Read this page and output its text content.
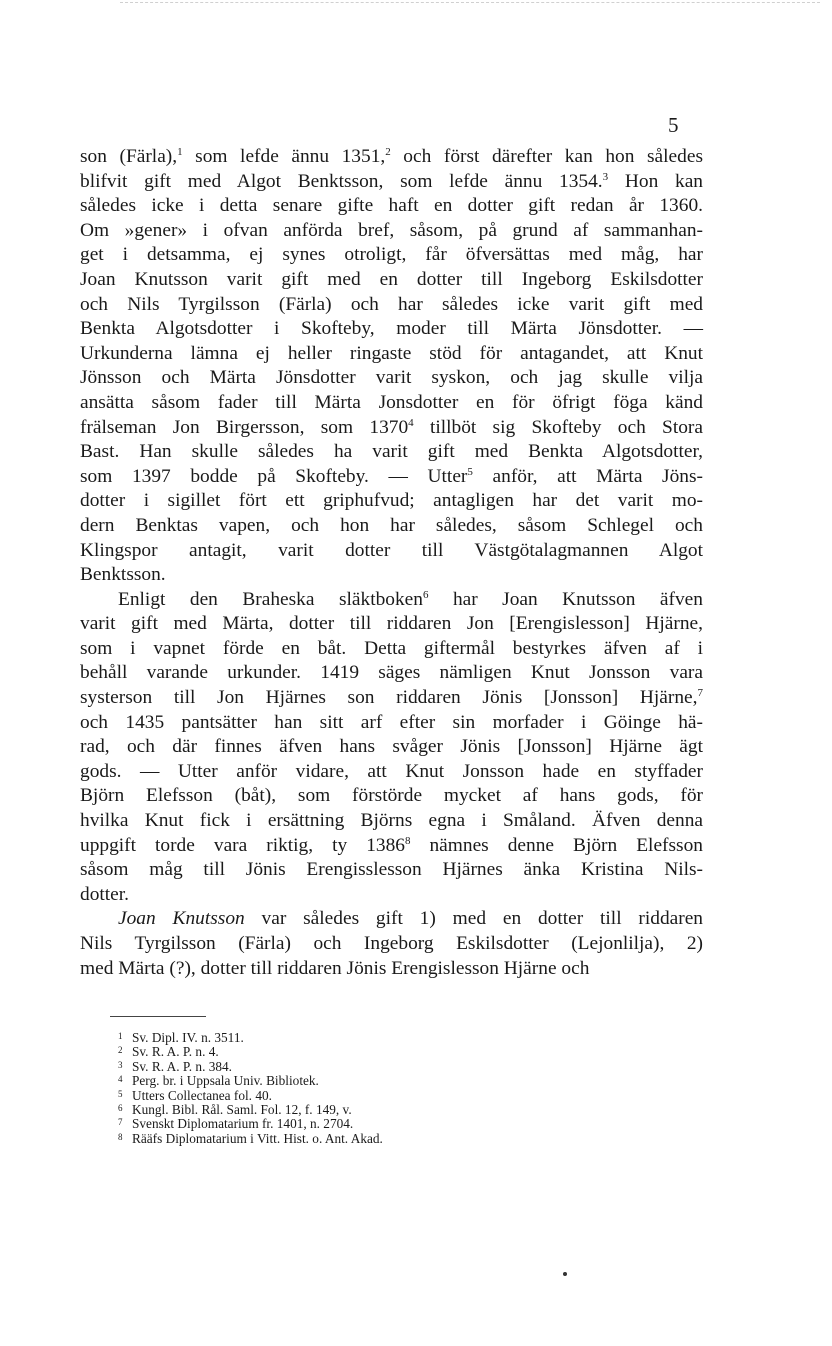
5
son (Färla),$^1$ som lefde ännu 1351,$^2$ och först därefter kan hon således
blifvit gift med Algot Benktsson, som lefde ännu 1354.$^3$ Hon kan
således icke i detta senare gifte haft en dotter gift redan år 1360.
Om »gener» i ofvan anförda bref, såsom, på grund af sammanhan-
get i detsamma, ej synes otroligt, får öfversättas med måg, har
Joan Knutsson varit gift med en dotter till Ingeborg Eskilsdotter
och Nils Tyrgilsson (Färla) och har således icke varit gift med
Benkta Algotsdotter i Skofteby, moder till Märta Jönsdotter. —
Urkunderna lämna ej heller ringaste stöd för antagandet, att Knut
Jönsson och Märta Jönsdotter varit syskon, och jag skulle vilja
ansätta såsom fader till Märta Jonsdotter en för öfrigt föga känd
frälseman Jon Birgersson, som 1370$^4$ tillböt sig Skofteby och Stora
Bast. Han skulle således ha varit gift med Benkta Algotsdotter,
som 1397 bodde på Skofteby. — Utter$^5$ anför, att Märta Jöns-
dotter i sigillet fört ett griphufvud; antagligen har det varit mo-
dern Benktas vapen, och hon har således, såsom Schlegel och
Klingspor antagit, varit dotter till Västgötalagmannen Algot
Benktsson.
Enligt den Braheska släktboken$^6$ har Joan Knutsson äfven
varit gift med Märta, dotter till riddaren Jon [Erengislesson] Hjärne,
som i vapnet förde en båt. Detta giftermål bestyrkes äfven af i
behåll varande urkunder. 1419 säges nämligen Knut Jonsson vara
systerson till Jon Hjärnes son riddaren Jönis [Jonsson] Hjärne,$^7$
och 1435 pantsätter han sitt arf efter sin morfader i Göinge hä-
rad, och där finnes äfven hans svåger Jönis [Jonsson] Hjärne ägt
gods. — Utter anför vidare, att Knut Jonsson hade en styffader
Björn Elefsson (båt), som förstörde mycket af hans gods, för
hvilka Knut fick i ersättning Björns egna i Småland. Äfven denna
uppgift torde vara riktig, ty 1386$^8$ nämnes denne Björn Elefsson
såsom måg till Jönis Erengisslesson Hjärnes änka Kristina Nils-
dotter.
Joan Knutsson var således gift 1) med en dotter till riddaren
Nils Tyrgilsson (Färla) och Ingeborg Eskilsdotter (Lejonlilja), 2)
med Märta (?), dotter till riddaren Jönis Erengislesson Hjärne och
1 Sv. Dipl. IV. n. 3511.
2 Sv. R. A. P. n. 4.
3 Sv. R. A. P. n. 384.
4 Perg. br. i Uppsala Univ. Bibliotek.
5 Utters Collectanea fol. 40.
6 Kungl. Bibl. Rål. Saml. Fol. 12, f. 149, v.
7 Svenskt Diplomatarium fr. 1401, n. 2704.
8 Rääfs Diplomatarium i Vitt. Hist. o. Ant. Akad.
